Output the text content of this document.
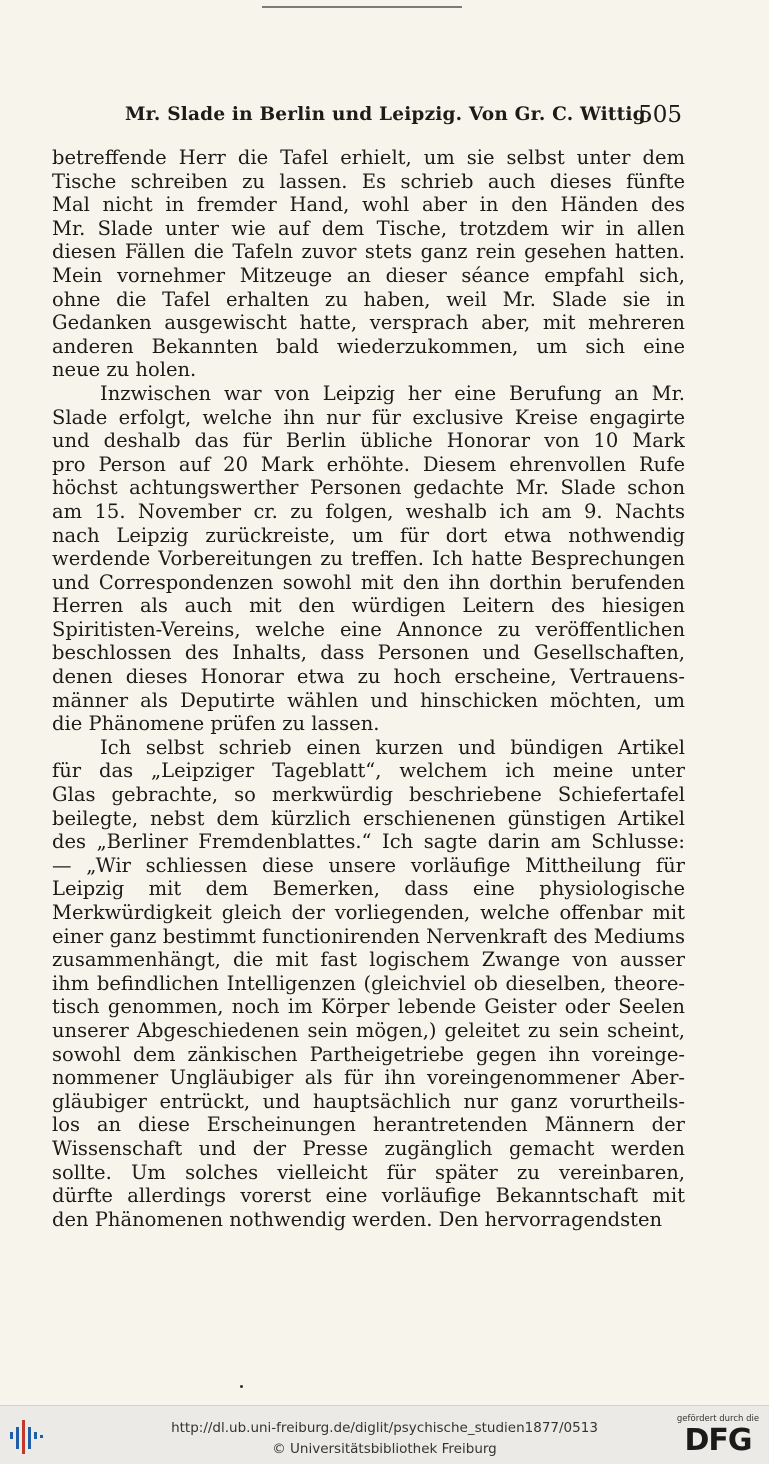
Mr. Slade in Berlin und Leipzig. Von Gr. C. Wittig.
505
betreffende Herr die Tafel erhielt, um sie selbst unter dem
Tische schreiben zu lassen. Es schrieb auch dieses fünfte
Mal nicht in fremder Hand, wohl aber in den Händen des
Mr. Slade unter wie auf dem Tische, trotzdem wir in allen
diesen Fällen die Tafeln zuvor stets ganz rein gesehen hatten.
Mein vornehmer Mitzeuge an dieser séance empfahl sich,
ohne die Tafel erhalten zu haben, weil Mr. Slade sie in
Gedanken ausgewischt hatte, versprach aber, mit mehreren
anderen Bekannten bald wiederzukommen, um sich eine
neue zu holen.
Inzwischen war von Leipzig her eine Berufung an Mr.
Slade erfolgt, welche ihn nur für exclusive Kreise engagirte
und deshalb das für Berlin übliche Honorar von 10 Mark
pro Person auf 20 Mark erhöhte. Diesem ehrenvollen Rufe
höchst achtungswerther Personen gedachte Mr. Slade schon
am 15. November cr. zu folgen, weshalb ich am 9. Nachts
nach Leipzig zurückreiste, um für dort etwa nothwendig
werdende Vorbereitungen zu treffen. Ich hatte Besprechungen
und Correspondenzen sowohl mit den ihn dorthin berufenden
Herren als auch mit den würdigen Leitern des hiesigen
Spiritisten-Vereins, welche eine Annonce zu veröffentlichen
beschlossen des Inhalts, dass Personen und Gesellschaften,
denen dieses Honorar etwa zu hoch erscheine, Vertrauens-
männer als Deputirte wählen und hinschicken möchten, um
die Phänomene prüfen zu lassen.
Ich selbst schrieb einen kurzen und bündigen Artikel
für das „Leipziger Tageblatt“, welchem ich meine unter
Glas gebrachte, so merkwürdig beschriebene Schiefertafel
beilegte, nebst dem kürzlich erschienenen günstigen Artikel
des „Berliner Fremdenblattes.“ Ich sagte darin am Schlusse:
— „Wir schliessen diese unsere vorläufige Mittheilung für
Leipzig mit dem Bemerken, dass eine physiologische
Merkwürdigkeit gleich der vorliegenden, welche offenbar mit
einer ganz bestimmt functionirenden Nervenkraft des Mediums
zusammenhängt, die mit fast logischem Zwange von ausser
ihm befindlichen Intelligenzen (gleichviel ob dieselben, theore-
tisch genommen, noch im Körper lebende Geister oder Seelen
unserer Abgeschiedenen sein mögen,) geleitet zu sein scheint,
sowohl dem zänkischen Partheigetriebe gegen ihn voreinge-
nommener Ungläubiger als für ihn voreingenommener Aber-
gläubiger entrückt, und hauptsächlich nur ganz vorurtheils-
los an diese Erscheinungen herantretenden Männern der
Wissenschaft und der Presse zugänglich gemacht werden
sollte. Um solches vielleicht für später zu vereinbaren,
dürfte allerdings vorerst eine vorläufige Bekanntschaft mit
den Phänomenen nothwendig werden. Den hervorragendsten
http://dl.ub.uni-freiburg.de/diglit/psychische_studien1877/0513
© Universitätsbibliothek Freiburg
gefördert durch die
DFG
